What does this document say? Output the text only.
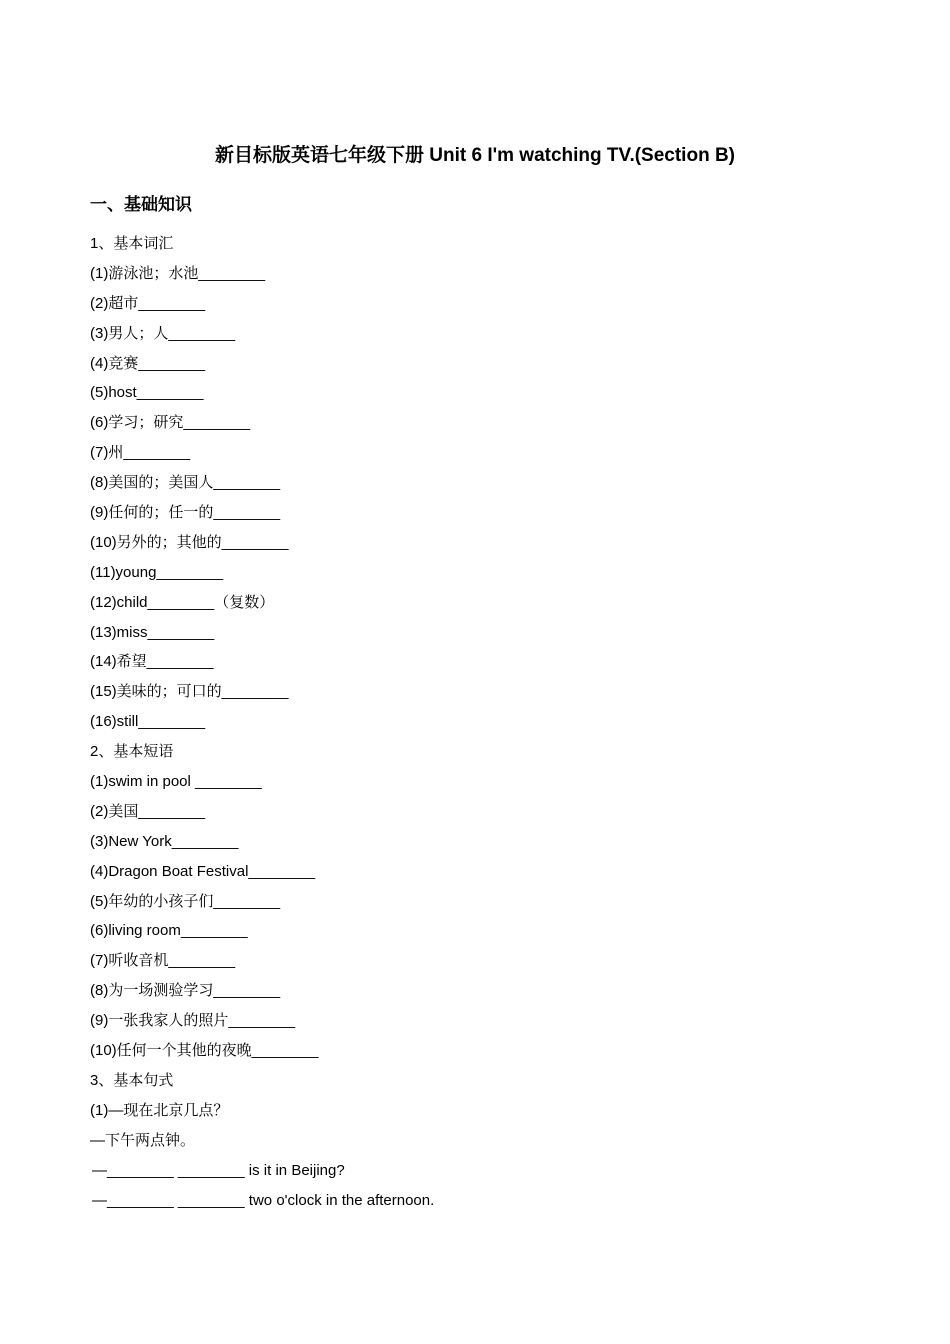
新目标版英语七年级下册 Unit 6 I'm watching TV.(Section B)
一、基础知识
1、基本词汇
(1)游泳池；水池________
(2)超市________
(3)男人；人________
(4)竞赛________
(5)host________
(6)学习；研究________
(7)州________
(8)美国的；美国人________
(9)任何的；任一的________
(10)另外的；其他的________
(11)young________
(12)child________（复数）
(13)miss________
(14)希望________
(15)美味的；可口的________
(16)still________
2、基本短语
(1)swim in pool ________
(2)美国________
(3)New York________
(4)Dragon Boat Festival________
(5)年幼的小孩子们________
(6)living room________
(7)听收音机________
(8)为一场测验学习________
(9)一张我家人的照片________
(10)任何一个其他的夜晚________
3、基本句式
(1)—现在北京几点？
—下午两点钟。
—________ ________ is it in Beijing?
—________ ________ two o'clock in the afternoon.
